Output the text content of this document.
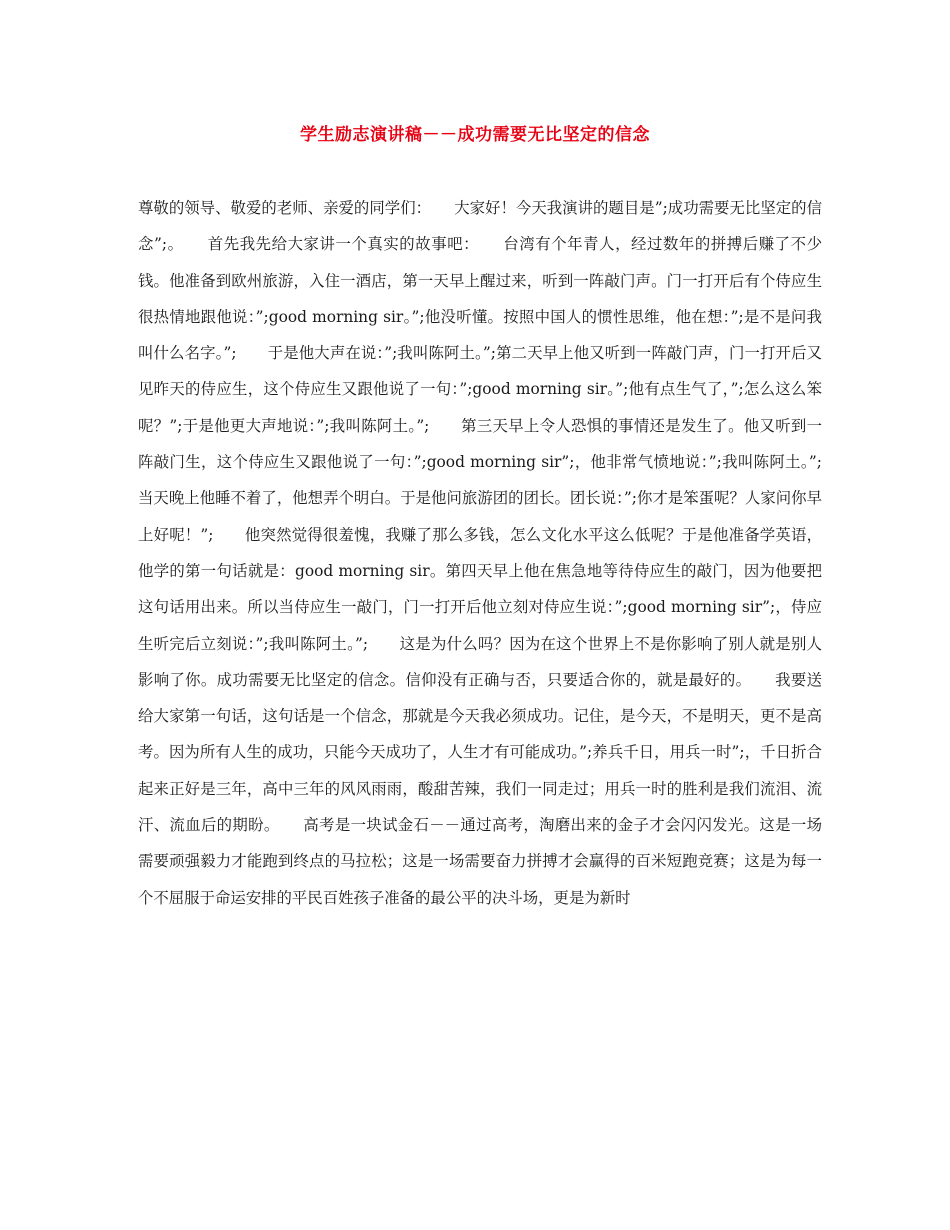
学生励志演讲稿－－成功需要无比坚定的信念

尊敬的领导、敬爱的老师、亲爱的同学们：　　大家好！今天我演讲的题目是”;成功需要无比坚定的信念”;。　　首先我先给大家讲一个真实的故事吧：　　台湾有个年青人，经过数年的拼搏后赚了不少钱。他准备到欧州旅游，入住一酒店，第一天早上醒过来，听到一阵敲门声。门一打开后有个侍应生很热情地跟他说：”;good morning sir。”;他没听懂。按照中国人的惯性思维，他在想：”;是不是问我叫什么名字。”;　　于是他大声在说：”;我叫陈阿土。”;第二天早上他又听到一阵敲门声，门一打开后又见昨天的侍应生，这个侍应生又跟他说了一句：”;good morning sir。”;他有点生气了，”;怎么这么笨呢？”;于是他更大声地说：”;我叫陈阿土。”;　　第三天早上令人恐惧的事情还是发生了。他又听到一阵敲门生，这个侍应生又跟他说了一句：”;good morning sir”;，他非常气愤地说：”;我叫陈阿土。”;当天晚上他睡不着了，他想弄个明白。于是他问旅游团的团长。团长说：”;你才是笨蛋呢？人家问你早上好呢！”;　　他突然觉得很羞愧，我赚了那么多钱，怎么文化水平这么低呢？于是他准备学英语，他学的第一句话就是：good morning sir。第四天早上他在焦急地等待侍应生的敲门，因为他要把这句话用出来。所以当侍应生一敲门，门一打开后他立刻对侍应生说：”;good morning sir”;，侍应生听完后立刻说：”;我叫陈阿土。”;　　这是为什么吗？因为在这个世界上不是你影响了别人就是别人影响了你。成功需要无比坚定的信念。信仰没有正确与否，只要适合你的，就是最好的。　　我要送给大家第一句话，这句话是一个信念，那就是今天我必须成功。记住，是今天，不是明天，更不是高考。因为所有人生的成功，只能今天成功了，人生才有可能成功。”;养兵千日，用兵一时”;，千日折合起来正好是三年，高中三年的风风雨雨，酸甜苦辣，我们一同走过；用兵一时的胜利是我们流泪、流汗、流血后的期盼。　　高考是一块试金石－－通过高考，淘磨出来的金子才会闪闪发光。这是一场需要顽强毅力才能跑到终点的马拉松；这是一场需要奋力拼搏才会赢得的百米短跑竞赛；这是为每一个不屈服于命运安排的平民百姓孩子准备的最公平的决斗场，更是为新时
